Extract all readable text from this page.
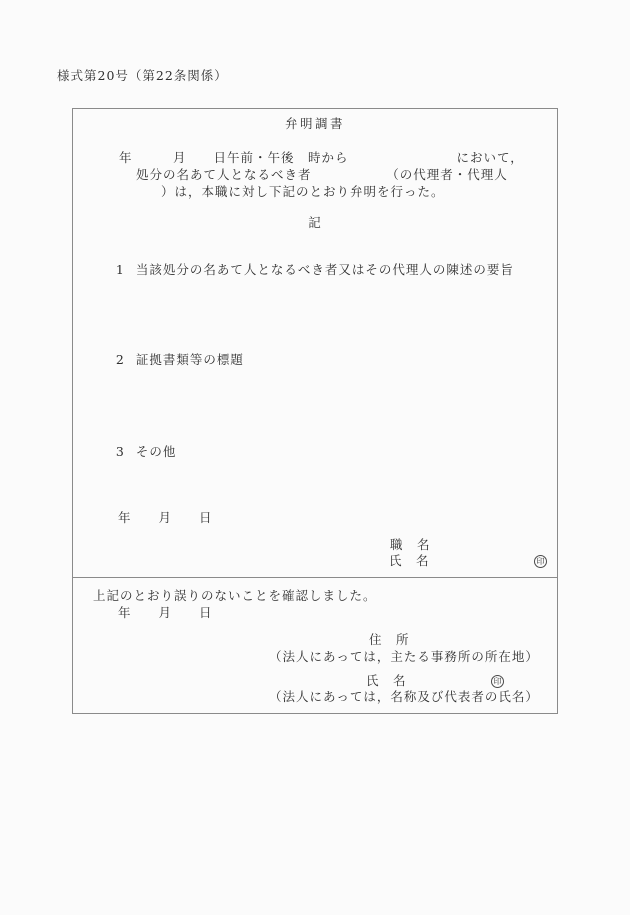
様式第20号（第22条関係）
弁明調書
年　　　月　　日午前・午後　時から　　　　　　　　において，
処分の名あて人となるべき者　　　　　　（の代理者・代理人
）は，本職に対し下記のとおり弁明を行った。
記

1 当該処分の名あて人となるべき者又はその代理人の陳述の要旨

2 証拠書類等の標題

3 その他

年　　月　　日
職　名
氏　名	印
上記のとおり誤りのないことを確認しました。
年　　月　　日
住　所
（法人にあっては，主たる事務所の所在地）
氏　名	印
（法人にあっては，名称及び代表者の氏名）
